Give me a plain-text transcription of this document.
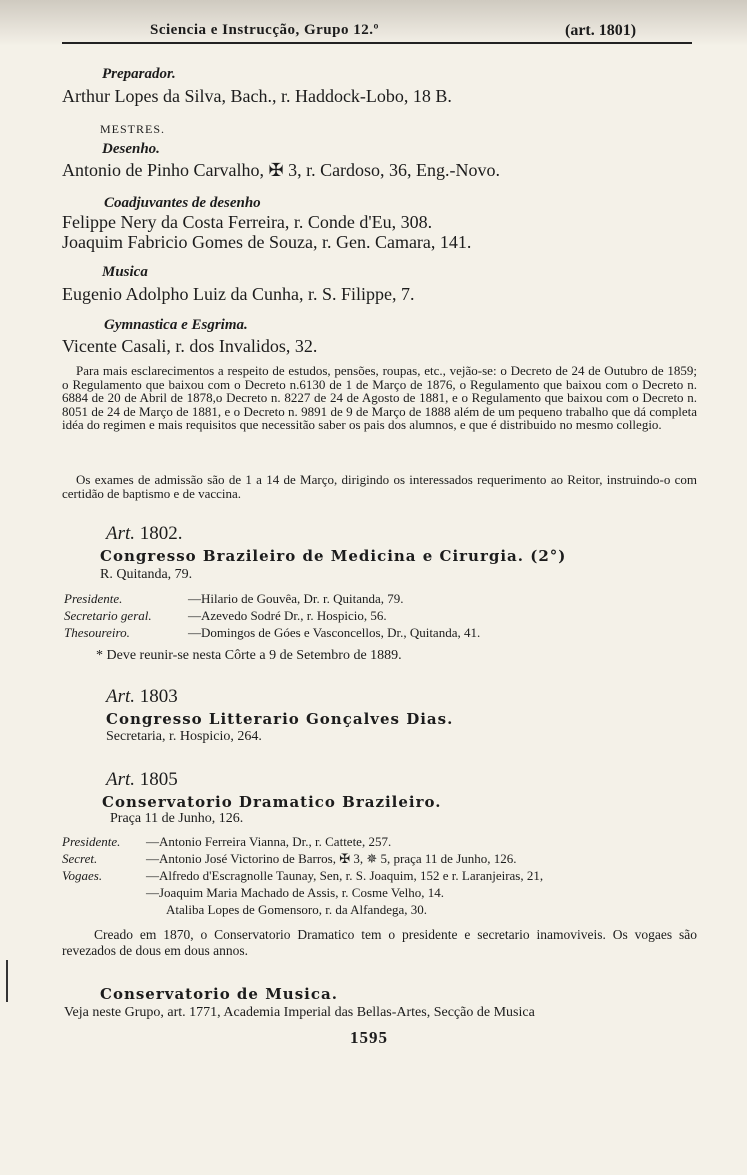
Sciencia e Instrucção, Grupo 12.º	(art. 1801)
Preparador.
Arthur Lopes da Silva, Bach., r. Haddock-Lobo, 18 B.
MESTRES.
Desenho.
Antonio de Pinho Carvalho, ✠ 3, r. Cardoso, 36, Eng.-Novo.
Coadjuvantes de desenho
Felippe Nery da Costa Ferreira, r. Conde d'Eu, 308.
Joaquim Fabricio Gomes de Souza, r. Gen. Camara, 141.
Musica
Eugenio Adolpho Luiz da Cunha, r. S. Filippe, 7.
Gymnastica e Esgrima.
Vicente Casali, r. dos Invalidos, 32.
Para mais esclarecimentos a respeito de estudos, pensões, roupas, etc., vejão-se: o Decreto de 24 de Outubro de 1859; o Regulamento que baixou com o Decreto n.6130 de 1 de Março de 1876, o Regulamento que baixou com o Decreto n. 6884 de 20 de Abril de 1878,o Decreto n. 8227 de 24 de Agosto de 1881, e o Regulamento que baixou com o Decreto n. 8051 de 24 de Março de 1881, e o Decreto n. 9891 de 9 de Março de 1888 além de um pequeno trabalho que dá completa idéa do regimen e mais requisitos que necessitão saber os pais dos alumnos, e que é distribuido no mesmo collegio.
Os exames de admissão são de 1 a 14 de Março, dirigindo os interessados requerimento ao Reitor, instruindo-o com certidão de baptismo e de vaccina.
Art. 1802.
Congresso Brazileiro de Medicina e Cirurgia. (2°)
R. Quitanda, 79.
Presidente.	—Hilario de Gouvêa, Dr. r. Quitanda, 79.
Secretario geral.	—Azevedo Sodré Dr., r. Hospicio, 56.
Thesoureiro.	—Domingos de Góes e Vasconcellos, Dr., Quitanda, 41.
* Deve reunir-se nesta Côrte a 9 de Setembro de 1889.
Art. 1803
Congresso Litterario Gonçalves Dias.
Secretaria, r. Hospicio, 264.
Art. 1805
Conservatorio Dramatico Brazileiro.
Praça 11 de Junho, 126.
Presidente. —Antonio Ferreira Vianna, Dr., r. Cattete, 257.
Secret.	—Antonio José Victorino de Barros, ✠ 3, ✵ 5, praça 11 de Junho, 126.
Vogaes.	—Alfredo d'Escragnolle Taunay, Sen, r. S. Joaquim, 152 e r. Laranjeiras, 21,
—Joaquim Maria Machado de Assis, r. Cosme Velho, 14.
Ataliba Lopes de Gomensoro, r. da Alfandega, 30.
Creado em 1870, o Conservatorio Dramatico tem o presidente e secretario inamoviveis. Os vogaes são revezados de dous em dous annos.
Conservatorio de Musica.
Veja neste Grupo, art. 1771, Academia Imperial das Bellas-Artes, Secção de Musica
1595
